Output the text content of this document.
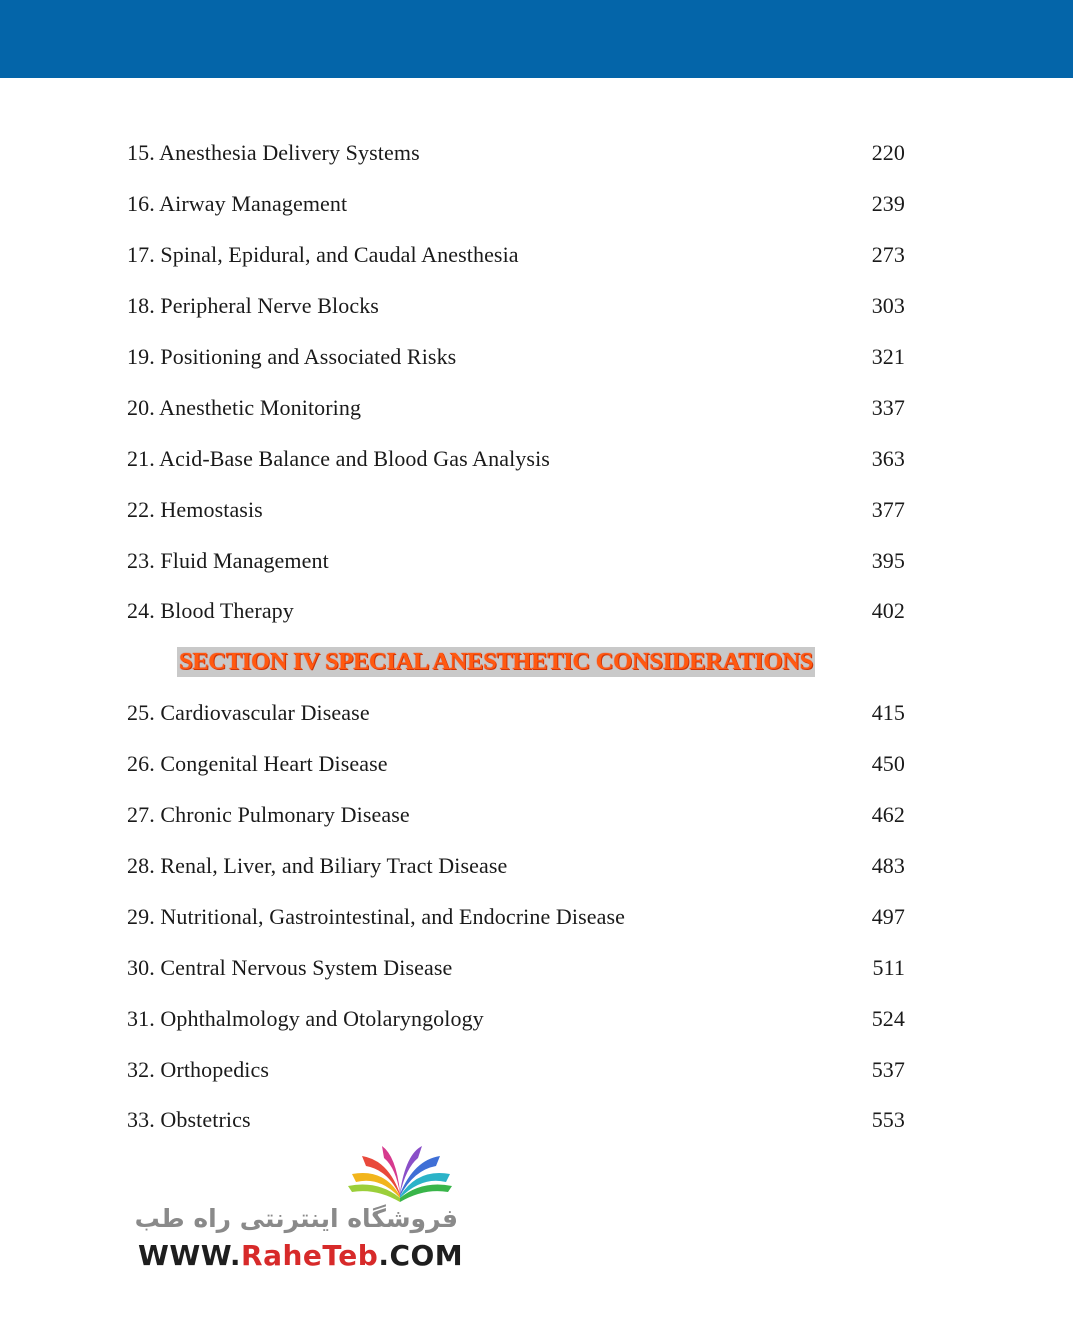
15. Anesthesia Delivery Systems	220
16. Airway Management	239
17. Spinal, Epidural, and Caudal Anesthesia	273
18. Peripheral Nerve Blocks	303
19. Positioning and Associated Risks	321
20. Anesthetic Monitoring	337
21. Acid-Base Balance and Blood Gas Analysis	363
22. Hemostasis	377
23. Fluid Management	395
24. Blood Therapy	402
SECTION IV SPECIAL ANESTHETIC CONSIDERATIONS
25. Cardiovascular Disease	415
26. Congenital Heart Disease	450
27. Chronic Pulmonary Disease	462
28. Renal, Liver, and Biliary Tract Disease	483
29. Nutritional, Gastrointestinal, and Endocrine Disease	497
30. Central Nervous System Disease	511
31. Ophthalmology and Otolaryngology	524
32. Orthopedics	537
33. Obstetrics	553
فروشگاه اینترنتی راه طب
WWW.RaheTeb.COM
